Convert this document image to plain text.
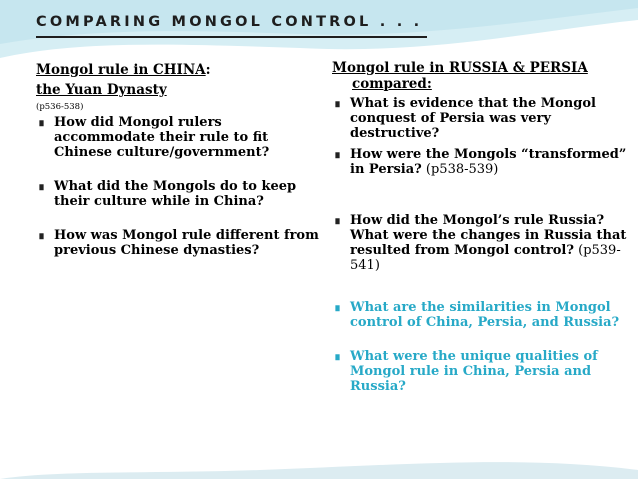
COMPARING MONGOL CONTROL . . .
Mongol rule in CHINA:
the Yuan Dynasty
(p536-538)
∎ How did Mongol rulers accommodate their rule to fit Chinese culture/government?
∎ What did the Mongols do to keep their culture while in China?
∎ How was Mongol rule different from previous Chinese dynasties?
Mongol rule in RUSSIA & PERSIA
compared:
∎ What is evidence that the Mongol conquest of Persia was very destructive?
∎ How were the Mongols “transformed” in Persia? (p538-539)
∎ How did the Mongol’s rule Russia? What were the changes in Russia that resulted from Mongol control? (p539-541)
∎ What are the similarities in Mongol control of China, Persia, and Russia?
∎ What were the unique qualities of Mongol rule in China, Persia and Russia?
